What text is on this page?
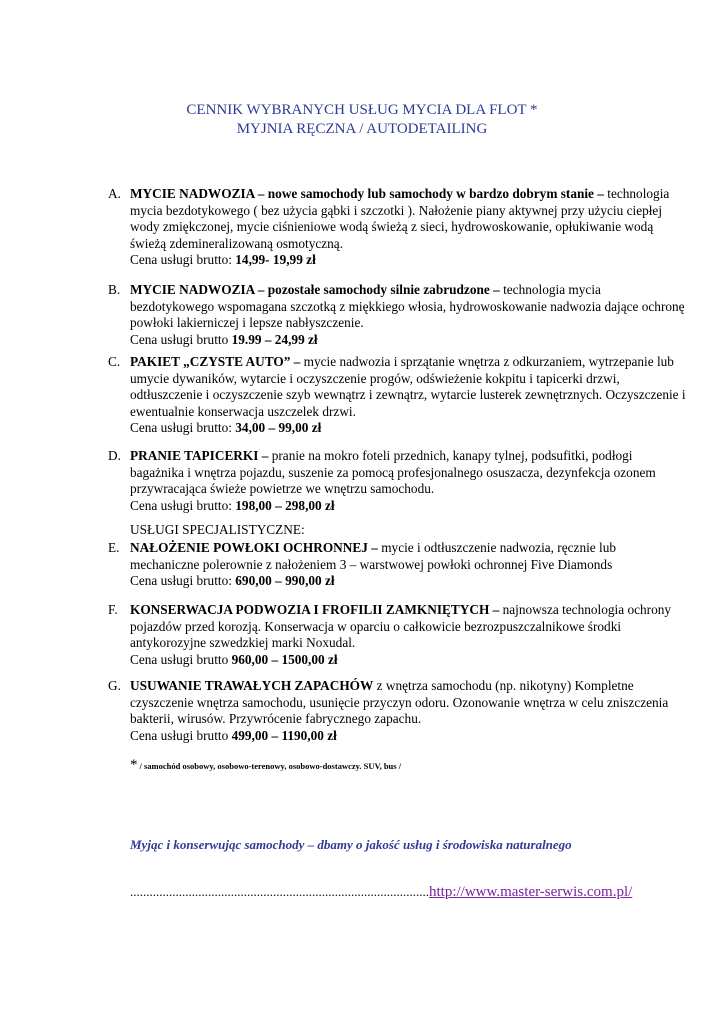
CENNIK WYBRANYCH USŁUG MYCIA DLA FLOT *
MYJNIA RĘCZNA / AUTODETAILING
A. MYCIE NADWOZIA – nowe samochody lub samochody w bardzo dobrym stanie – technologia mycia bezdotykowego ( bez użycia gąbki i szczotki ). Nałożenie piany aktywnej przy użyciu ciepłej wody zmiękczonej, mycie ciśnieniowe wodą świeżą z sieci, hydrowoskowanie, opłukiwanie wodą świeżą zdemineralizowaną osmotyczną.
Cena usługi brutto: 14,99- 19,99 zł
B. MYCIE NADWOZIA – pozostałe samochody silnie zabrudzone – technologia mycia bezdotykowego wspomagana szczotką z miękkiego włosia, hydrowoskowanie nadwozia dające ochronę powłoki lakierniczej i lepsze nabłyszczenie.
Cena usługi brutto 19.99 – 24,99 zł
C. PAKIET „CZYSTE AUTO” – mycie nadwozia i sprzątanie wnętrza z odkurzaniem, wytrzepanie lub umycie dywaników, wytarcie i oczyszczenie progów, odświeżenie kokpitu i tapicerki drzwi, odtłuszczenie i oczyszczenie szyb wewnątrz i zewnątrz, wytarcie lusterek zewnętrznych. Oczyszczenie i ewentualnie konserwacja uszczelek drzwi.
Cena usługi brutto: 34,00 – 99,00 zł
D. PRANIE TAPICERKI – pranie na mokro foteli przednich, kanapy tylnej, podsufitki, podłogi bagażnika i wnętrza pojazdu, suszenie za pomocą profesjonalnego osuszacza, dezynfekcja ozonem przywracająca świeże powietrze we wnętrzu samochodu.
Cena usługi brutto: 198,00 – 298,00 zł
USŁUGI SPECJALISTYCZNE:
E. NAŁOŻENIE POWŁOKI OCHRONNEJ – mycie i odtłuszczenie nadwozia, ręcznie lub mechaniczne polerownie z nałożeniem 3 – warstwowej powłoki ochronnej Five Diamonds
Cena usługi brutto: 690,00 – 990,00 zł
F. KONSERWACJA PODWOZIA I FROFILII ZAMKNIĘTYCH – najnowsza technologia ochrony pojazdów przed korozją. Konserwacja w oparciu o całkowicie bezrozpuszczalnikowe środki antykorozyjne szwedzkiej marki Noxudal.
Cena usługi brutto 960,00 – 1500,00 zł
G. USUWANIE TRAWAŁYCH ZAPACHÓW z wnętrza samochodu (np. nikotyny) Kompletne czyszczenie wnętrza samochodu, usunięcie przyczyn odoru. Ozonowanie wnętrza w celu zniszczenia bakterii, wirusów. Przywrócenie fabrycznego zapachu.
Cena usługi brutto 499,00 – 1190,00 zł
* / samochód osobowy, osobowo-terenowy, osobowo-dostawczy. SUV, bus /
Myjąc i konserwując samochody – dbamy o jakość usług i środowiska naturalnego
............................................................................................http://www.master-serwis.com.pl/
